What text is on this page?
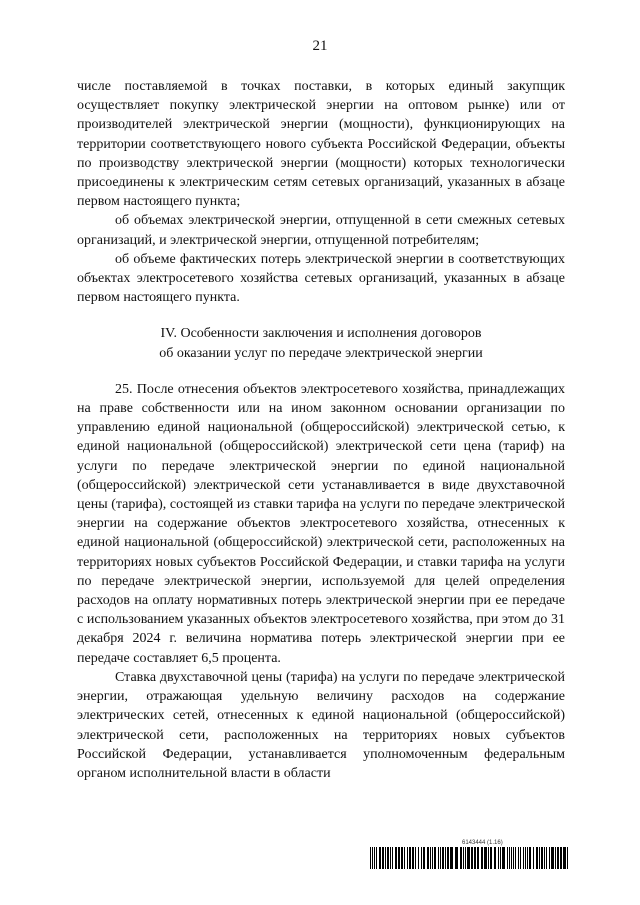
21

числе поставляемой в точках поставки, в которых единый закупщик осуществляет покупку электрической энергии на оптовом рынке) или от производителей электрической энергии (мощности), функционирующих на территории соответствующего нового субъекта Российской Федерации, объекты по производству электрической энергии (мощности) которых технологически присоединены к электрическим сетям сетевых организаций, указанных в абзаце первом настоящего пункта;

об объемах электрической энергии, отпущенной в сети смежных сетевых организаций, и электрической энергии, отпущенной потребителям;

об объеме фактических потерь электрической энергии в соответствующих объектах электросетевого хозяйства сетевых организаций, указанных в абзаце первом настоящего пункта.

IV. Особенности заключения и исполнения договоров
об оказании услуг по передаче электрической энергии

25. После отнесения объектов электросетевого хозяйства, принадлежащих на праве собственности или на ином законном основании организации по управлению единой национальной (общероссийской) электрической сетью, к единой национальной (общероссийской) электрической сети цена (тариф) на услуги по передаче электрической энергии по единой национальной (общероссийской) электрической сети устанавливается в виде двухставочной цены (тарифа), состоящей из ставки тарифа на услуги по передаче электрической энергии на содержание объектов электросетевого хозяйства, отнесенных к единой национальной (общероссийской) электрической сети, расположенных на территориях новых субъектов Российской Федерации, и ставки тарифа на услуги по передаче электрической энергии, используемой для целей определения расходов на оплату нормативных потерь электрической энергии при ее передаче с использованием указанных объектов электросетевого хозяйства, при этом до 31 декабря 2024 г. величина норматива потерь электрической энергии при ее передаче составляет 6,5 процента.

Ставка двухставочной цены (тарифа) на услуги по передаче электрической энергии, отражающая удельную величину расходов на содержание электрических сетей, отнесенных к единой национальной (общероссийской) электрической сети, расположенных на территориях новых субъектов Российской Федерации, устанавливается уполномоченным федеральным органом исполнительной власти в области

6143444 (1.16)
